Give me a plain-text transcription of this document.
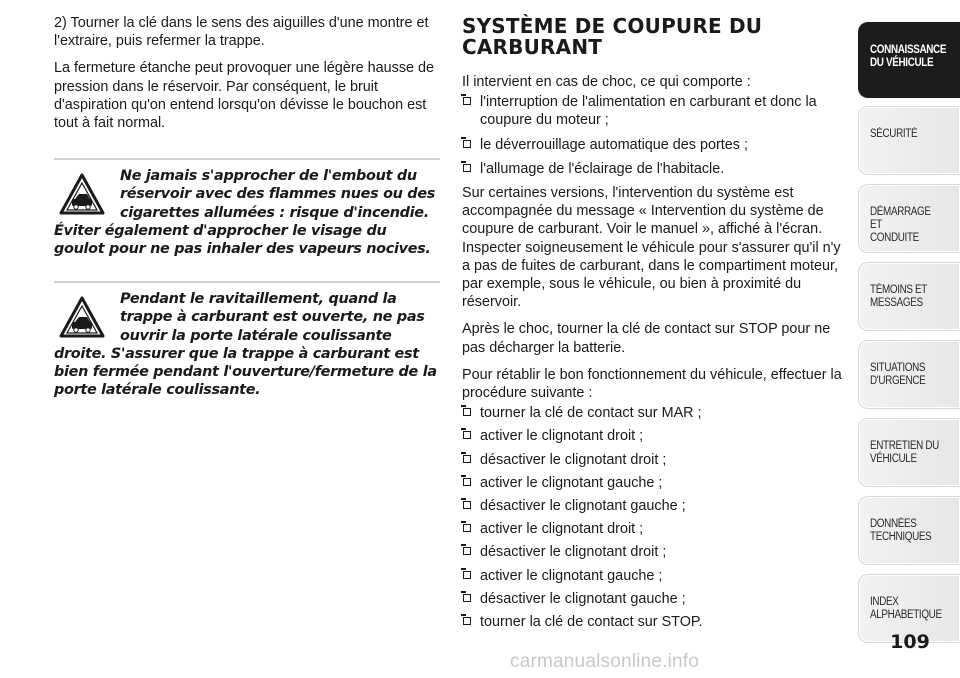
2) Tourner la clé dans le sens des aiguilles d'une montre et l'extraire, puis refermer la trappe.

La fermeture étanche peut provoquer une légère hausse de pression dans le réservoir. Par conséquent, le bruit d'aspiration qu'on entend lorsqu'on dévisse le bouchon est tout à fait normal.

Ne jamais s'approcher de l'embout du réservoir avec des flammes nues ou des cigarettes allumées : risque d'incendie. Éviter également d'approcher le visage du goulot pour ne pas inhaler des vapeurs nocives.
Pendant le ravitaillement, quand la trappe à carburant est ouverte, ne pas ouvrir la porte latérale coulissante droite. S'assurer que la trappe à carburant est bien fermée pendant l'ouverture/fermeture de la porte latérale coulissante.
SYSTÈME DE COUPURE DU CARBURANT

Il intervient en cas de choc, ce qui comporte :

l'interruption de l'alimentation en carburant et donc la coupure du moteur ;
le déverrouillage automatique des portes ;
l'allumage de l'éclairage de l'habitacle.

Sur certaines versions, l'intervention du système est accompagnée du message « Intervention du système de coupure de carburant. Voir le manuel », affiché à l'écran. Inspecter soigneusement le véhicule pour s'assurer qu'il n'y a pas de fuites de carburant, dans le compartiment moteur, par exemple, sous le véhicule, ou bien à proximité du réservoir.

Après le choc, tourner la clé de contact sur STOP pour ne pas décharger la batterie.

Pour rétablir le bon fonctionnement du véhicule, effectuer la procédure suivante :

tourner la clé de contact sur MAR ;
activer le clignotant droit ;
désactiver le clignotant droit ;
activer le clignotant gauche ;
désactiver le clignotant gauche ;
activer le clignotant droit ;
désactiver le clignotant droit ;
activer le clignotant gauche ;
désactiver le clignotant gauche ;
tourner la clé de contact sur STOP.
CONNAISSANCE
DU VÉHICULE
SÉCURITÉ
DÉMARRAGE ET
CONDUITE
TÉMOINS ET
MESSAGES
SITUATIONS
D'URGENCE
ENTRETIEN DU
VÉHICULE
DONNÉES
TECHNIQUES
INDEX
ALPHABETIQUE
109
carmanualsonline.info
